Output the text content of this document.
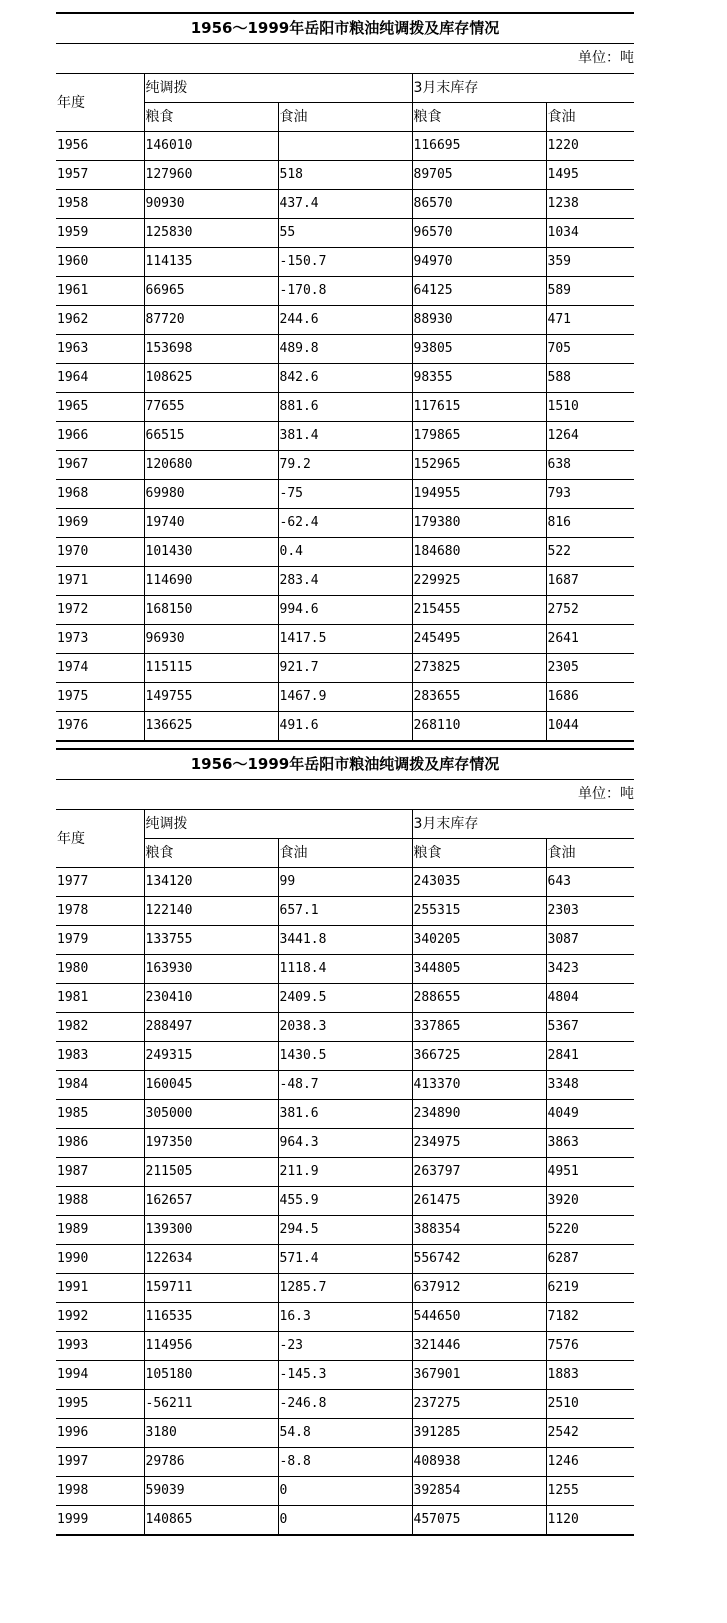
1956～1999年岳阳市粮油纯调拨及库存情况
单位：吨
年度	纯调拨		3月末库存	
	粮食	食油	粮食	食油
1956	146010		116695	1220
1957	127960	518	89705	1495
1958	90930	437.4	86570	1238
1959	125830	55	96570	1034
1960	114135	-150.7	94970	359
1961	66965	-170.8	64125	589
1962	87720	244.6	88930	471
1963	153698	489.8	93805	705
1964	108625	842.6	98355	588
1965	77655	881.6	117615	1510
1966	66515	381.4	179865	1264
1967	120680	79.2	152965	638
1968	69980	-75	194955	793
1969	19740	-62.4	179380	816
1970	101430	0.4	184680	522
1971	114690	283.4	229925	1687
1972	168150	994.6	215455	2752
1973	96930	1417.5	245495	2641
1974	115115	921.7	273825	2305
1975	149755	1467.9	283655	1686
1976	136625	491.6	268110	1044
1956～1999年岳阳市粮油纯调拨及库存情况
单位：吨
年度	纯调拨		3月末库存	
	粮食	食油	粮食	食油
1977	134120	99	243035	643
1978	122140	657.1	255315	2303
1979	133755	3441.8	340205	3087
1980	163930	1118.4	344805	3423
1981	230410	2409.5	288655	4804
1982	288497	2038.3	337865	5367
1983	249315	1430.5	366725	2841
1984	160045	-48.7	413370	3348
1985	305000	381.6	234890	4049
1986	197350	964.3	234975	3863
1987	211505	211.9	263797	4951
1988	162657	455.9	261475	3920
1989	139300	294.5	388354	5220
1990	122634	571.4	556742	6287
1991	159711	1285.7	637912	6219
1992	116535	16.3	544650	7182
1993	114956	-23	321446	7576
1994	105180	-145.3	367901	1883
1995	-56211	-246.8	237275	2510
1996	3180	54.8	391285	2542
1997	29786	-8.8	408938	1246
1998	59039	0	392854	1255
1999	140865	0	457075	1120
